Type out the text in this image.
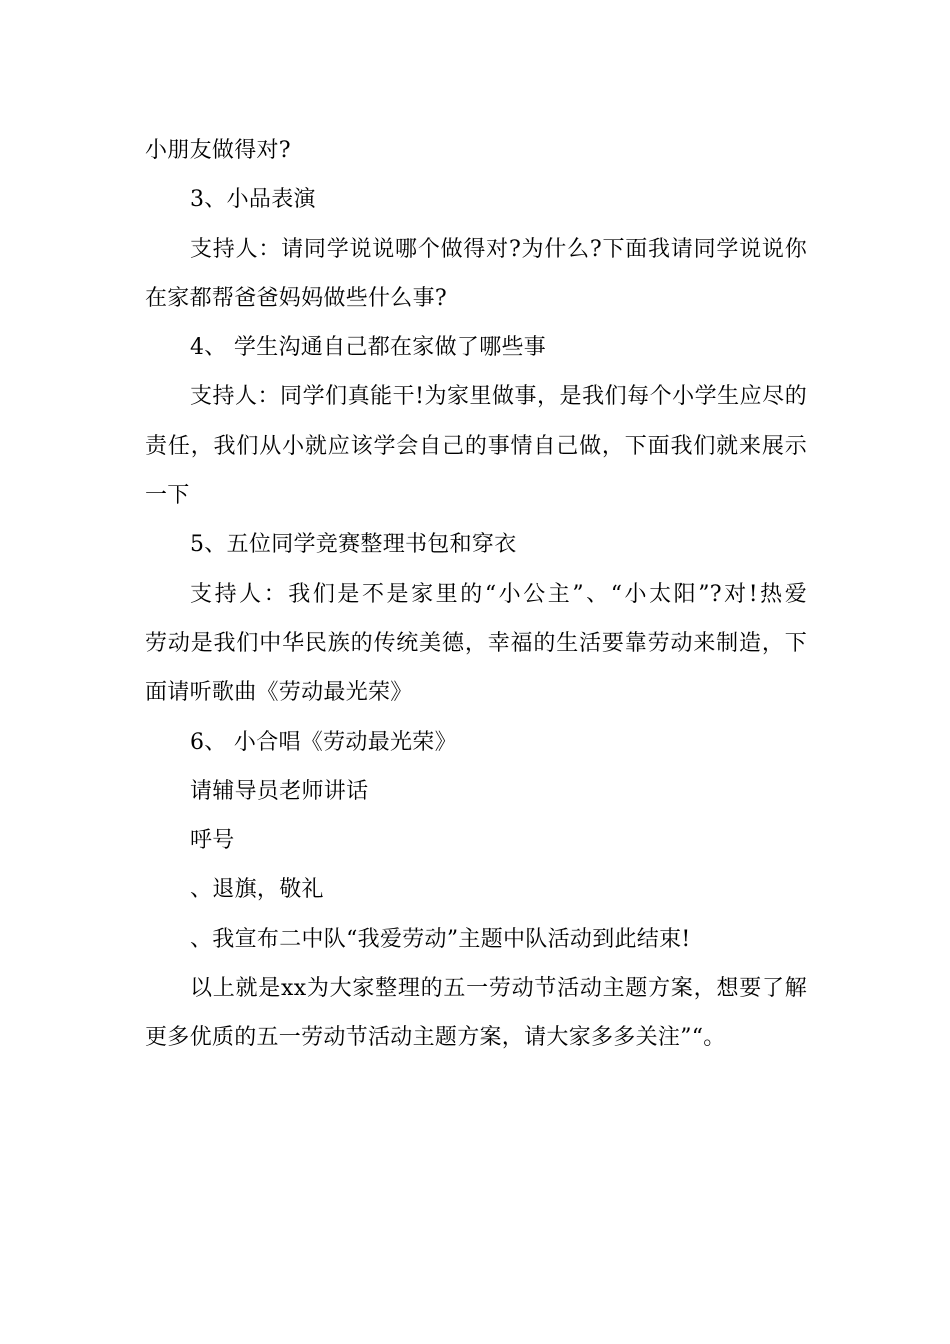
小朋友做得对?
3、小品表演
支持人：请同学说说哪个做得对?为什么?下面我请同学说说你
在家都帮爸爸妈妈做些什么事?
4、 学生沟通自己都在家做了哪些事
支持人：同学们真能干!为家里做事，是我们每个小学生应尽的
责任，我们从小就应该学会自己的事情自己做，下面我们就来展示
一下
5、五位同学竞赛整理书包和穿衣
支持人：我们是不是家里的“小公主”、“小太阳”?对!热爱
劳动是我们中华民族的传统美德，幸福的生活要靠劳动来制造，下
面请听歌曲《劳动最光荣》
6、 小合唱《劳动最光荣》
请辅导员老师讲话
呼号
、退旗，敬礼
、我宣布二中队“我爱劳动”主题中队活动到此结束!
以上就是xx为大家整理的五一劳动节活动主题方案，想要了解
更多优质的五一劳动节活动主题方案，请大家多多关注”“。
